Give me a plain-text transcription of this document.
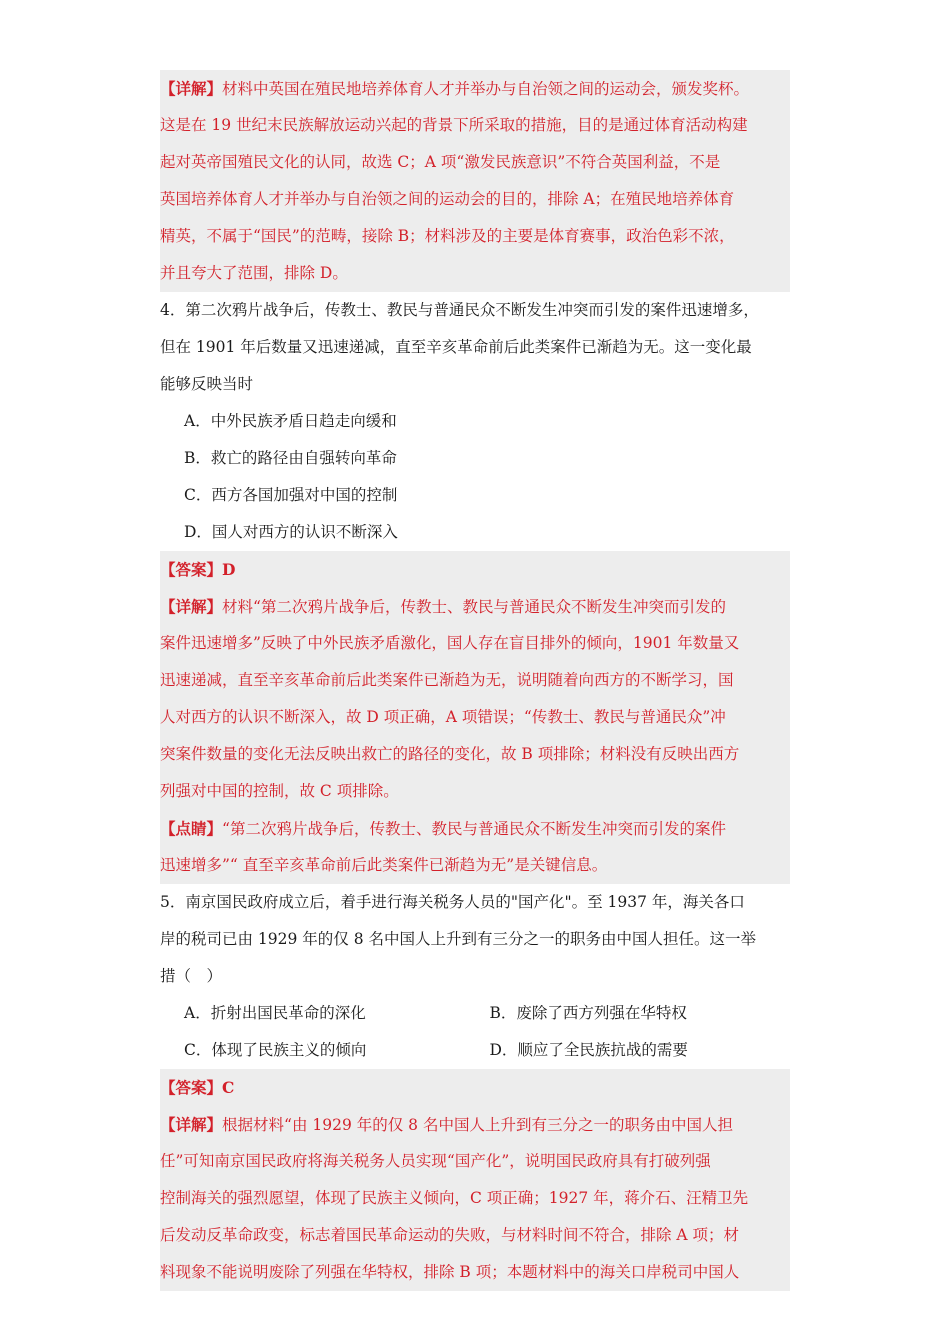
【详解】材料中英国在殖民地培养体育人才并举办与自治领之间的运动会，颁发奖杯。
这是在 19 世纪末民族解放运动兴起的背景下所采取的措施，目的是通过体育活动构建
起对英帝国殖民文化的认同，故选 C；A 项“激发民族意识”不符合英国利益，不是
英国培养体育人才并举办与自治领之间的运动会的目的，排除 A；在殖民地培养体育
精英，不属于“国民”的范畴，接除 B；材料涉及的主要是体育赛事，政治色彩不浓，
并且夸大了范围，排除 D。
4．第二次鸦片战争后，传教士、教民与普通民众不断发生冲突而引发的案件迅速增多，
但在 1901 年后数量又迅速递减，直至辛亥革命前后此类案件已渐趋为无。这一变化最
能够反映当时
A．中外民族矛盾日趋走向缓和
B．救亡的路径由自强转向革命
C．西方各国加强对中国的控制
D．国人对西方的认识不断深入
【答案】D
【详解】材料“第二次鸦片战争后，传教士、教民与普通民众不断发生冲突而引发的
案件迅速增多”反映了中外民族矛盾激化，国人存在盲目排外的倾向，1901 年数量又
迅速递减，直至辛亥革命前后此类案件已渐趋为无，说明随着向西方的不断学习，国
人对西方的认识不断深入，故 D 项正确，A 项错误；“传教士、教民与普通民众”冲
突案件数量的变化无法反映出救亡的路径的变化，故 B 项排除；材料没有反映出西方
列强对中国的控制，故 C 项排除。
【点睛】“第二次鸦片战争后，传教士、教民与普通民众不断发生冲突而引发的案件
迅速增多”“ 直至辛亥革命前后此类案件已渐趋为无”是关键信息。
5．南京国民政府成立后，着手进行海关税务人员的"国产化"。至 1937 年，海关各口
岸的税司已由 1929 年的仅 8 名中国人上升到有三分之一的职务由中国人担任。这一举
措（　）
A．折射出国民革命的深化	B．废除了西方列强在华特权
C．体现了民族主义的倾向	D．顺应了全民族抗战的需要
【答案】C
【详解】根据材料“由 1929 年的仅 8 名中国人上升到有三分之一的职务由中国人担
任”可知南京国民政府将海关税务人员实现“国产化”，说明国民政府具有打破列强
控制海关的强烈愿望，体现了民族主义倾向，C 项正确；1927 年，蒋介石、汪精卫先
后发动反革命政变，标志着国民革命运动的失败，与材料时间不符合，排除 A 项；材
料现象不能说明废除了列强在华特权，排除 B 项；本题材料中的海关口岸税司中国人
